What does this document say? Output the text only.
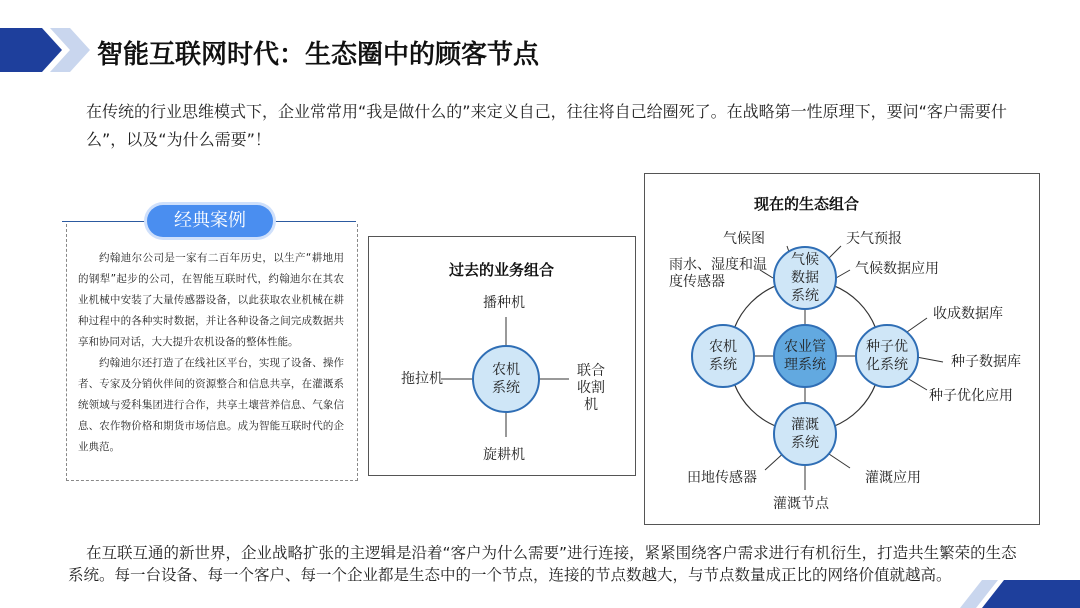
智能互联网时代：生态圈中的顾客节点
在传统的行业思维模式下，企业常常用“我是做什么的”来定义自己，往往将自己给圈死了。在战略第一性原理下，要问“客户需要什么”，以及“为什么需要”！
经典案例

约翰迪尔公司是一家有二百年历史，以生产“耕地用的钢犁”起步的公司，在智能互联时代，约翰迪尔在其农业机械中安装了大量传感器设备，以此获取农业机械在耕种过程中的各种实时数据，并让各种设备之间完成数据共享和协同对话，大大提升农机设备的整体性能。

约翰迪尔还打造了在线社区平台，实现了设备、操作者、专家及分销伙伴间的资源整合和信息共享，在灌溉系统领域与爱科集团进行合作，共享土壤营养信息、气象信息、农作物价格和期货市场信息。成为智能互联时代的企业典范。

过去的业务组合
播种机
拖拉机	联合收割机
旋耕机
农机系统
现在的生态组合
气候数据系统
农机系统
农业管理系统
种子优化系统
灌溉系统
气候图	天气预报
雨水、湿度和温度传感器
气候数据应用
收成数据库
种子数据库
种子优化应用
田地传感器	灌溉应用
灌溉节点
在互联互通的新世界，企业战略扩张的主逻辑是沿着“客户为什么需要”进行连接，紧紧围绕客户需求进行有机衍生，打造共生繁荣的生态
系统。每一台设备、每一个客户、每一个企业都是生态中的一个节点，连接的节点数越大，与节点数量成正比的网络价值就越高。
